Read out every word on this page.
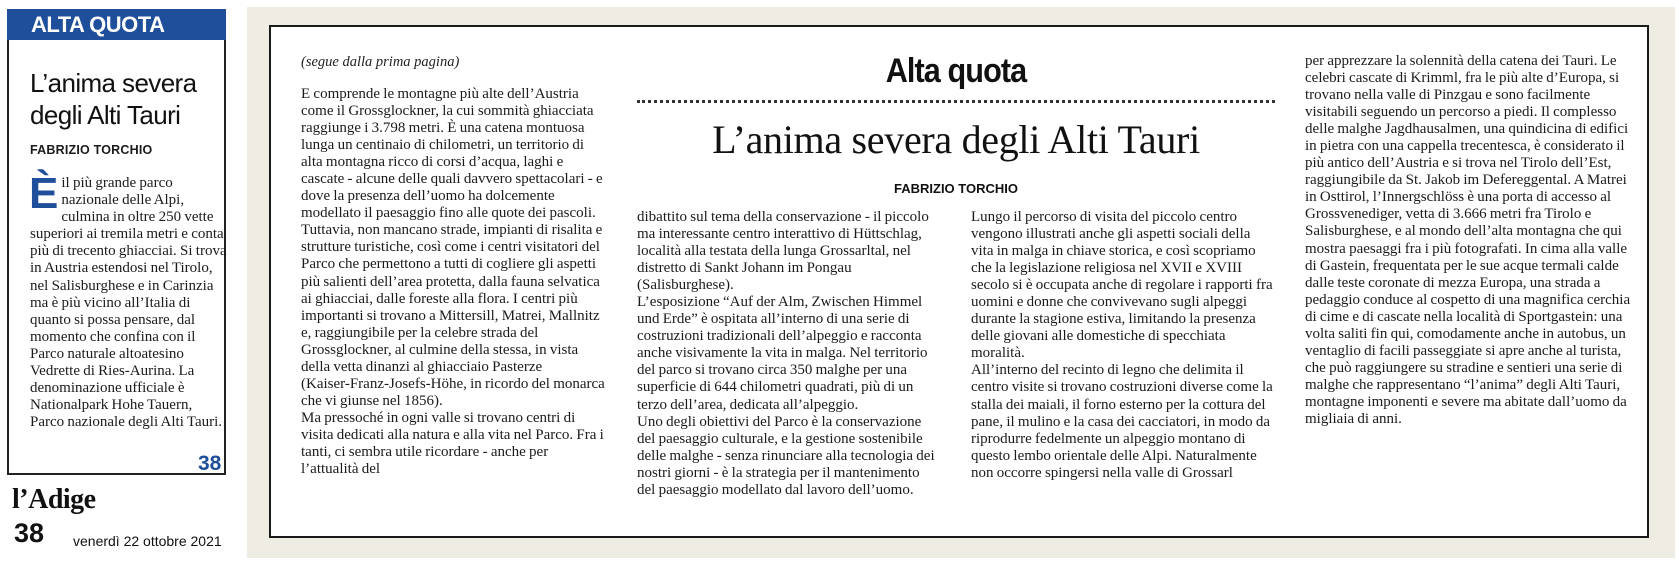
ALTA QUOTA
L’anima severa degli Alti Tauri
FABRIZIO TORCHIO
Èil più grande parco nazionale delle Alpi, culmina in oltre 250 vette superiori ai tremila metri e conta più di trecento ghiacciai. Si trova in Austria estendosi nel Tirolo, nel Salisburghese e in Carinzia ma è più vicino all’Italia di quanto si possa pensare, dal momento che confina con il Parco naturale altoatesino Vedrette di Ries-Aurina. La denominazione ufficiale è Nationalpark Hohe Tauern, Parco nazionale degli Alti Tauri.
38
l’Adige
38 venerdì 22 ottobre 2021
(segue dalla prima pagina)	Alta quota
L’anima severa degli Alti Tauri
FABRIZIO TORCHIO
E comprende le montagne più alte dell’Austria come il Grossglockner, la cui sommità ghiacciata raggiunge i 3.798 metri. È una catena montuosa lunga un centinaio di chilometri, un territorio di alta montagna ricco di corsi d’acqua, laghi e cascate - alcune delle quali davvero spettacolari - e dove la presenza dell’uomo ha dolcemente modellato il paesaggio fino alle quote dei pascoli. Tuttavia, non mancano strade, impianti di risalita e strutture turistiche, così come i centri visitatori del Parco che permettono a tutti di cogliere gli aspetti più salienti dell’area protetta, dalla fauna selvatica ai ghiacciai, dalle foreste alla flora. I centri più importanti si trovano a Mittersill, Matrei, Mallnitz e, raggiungibile per la celebre strada del Grossglockner, al culmine della stessa, in vista della vetta dinanzi al ghiacciaio Pasterze
(Kaiser-Franz-Josefs-Höhe, in ricordo del monarca che vi giunse nel 1856).
Ma pressoché in ogni valle si trovano centri di visita dedicati alla natura e alla vita nel Parco. Fra i tanti, ci sembra utile ricordare - anche per l’attualità del
dibattito sul tema della conservazione - il piccolo ma interessante centro interattivo di Hüttschlag, località alla testata della lunga Grossarltal, nel distretto di Sankt Johann im Pongau (Salisburghese).
L’esposizione “Auf der Alm, Zwischen Himmel und Erde” è ospitata all’interno di una serie di costruzioni tradizionali dell’alpeggio e racconta anche visivamente la vita in malga. Nel territorio del parco si trovano circa 350 malghe per una superficie di 644 chilometri quadrati, più di un terzo dell’area, dedicata all’alpeggio.
Uno degli obiettivi del Parco è la conservazione del paesaggio culturale, e la gestione sostenibile delle malghe - senza rinunciare alla tecnologia dei nostri giorni - è la strategia per il mantenimento del paesaggio modellato dal lavoro dell’uomo.
Lungo il percorso di visita del piccolo centro vengono illustrati anche gli aspetti sociali della vita in malga in chiave storica, e così scopriamo che la legislazione religiosa nel XVII e XVIII secolo si è occupata anche di regolare i rapporti fra uomini e donne che convivevano sugli alpeggi durante la stagione estiva, limitando la presenza delle giovani alle domestiche di specchiata moralità.
All’interno del recinto di legno che delimita il centro visite si trovano costruzioni diverse come la stalla dei maiali, il forno esterno per la cottura del pane, il mulino e la casa dei cacciatori, in modo da riprodurre fedelmente un alpeggio montano di questo lembo orientale delle Alpi. Naturalmente non occorre spingersi nella valle di Grossarl
per apprezzare la solennità della catena dei Tauri. Le celebri cascate di Krimml, fra le più alte d’Europa, si trovano nella valle di Pinzgau e sono facilmente visitabili seguendo un percorso a piedi. Il complesso delle malghe Jagdhausalmen, una quindicina di edifici in pietra con una cappella trecentesca, è considerato il più antico dell’Austria e si trova nel Tirolo dell’Est, raggiungibile da St. Jakob im Defereggental. A Matrei in Osttirol, l’Innergschlöss è una porta di accesso al Grossvenediger, vetta di 3.666 metri fra Tirolo e Salisburghese, e al mondo dell’alta montagna che qui mostra paesaggi fra i più fotografati. In cima alla valle di Gastein, frequentata per le sue acque termali calde dalle teste coronate di mezza Europa, una strada a pedaggio conduce al cospetto di una magnifica cerchia di cime e di cascate nella località di Sportgastein: una volta saliti fin qui, comodamente anche in autobus, un ventaglio di facili passeggiate si apre anche al turista, che può raggiungere su stradine e sentieri una serie di malghe che rappresentano “l’anima” degli Alti Tauri, montagne imponenti e severe ma abitate dall’uomo da migliaia di anni.
